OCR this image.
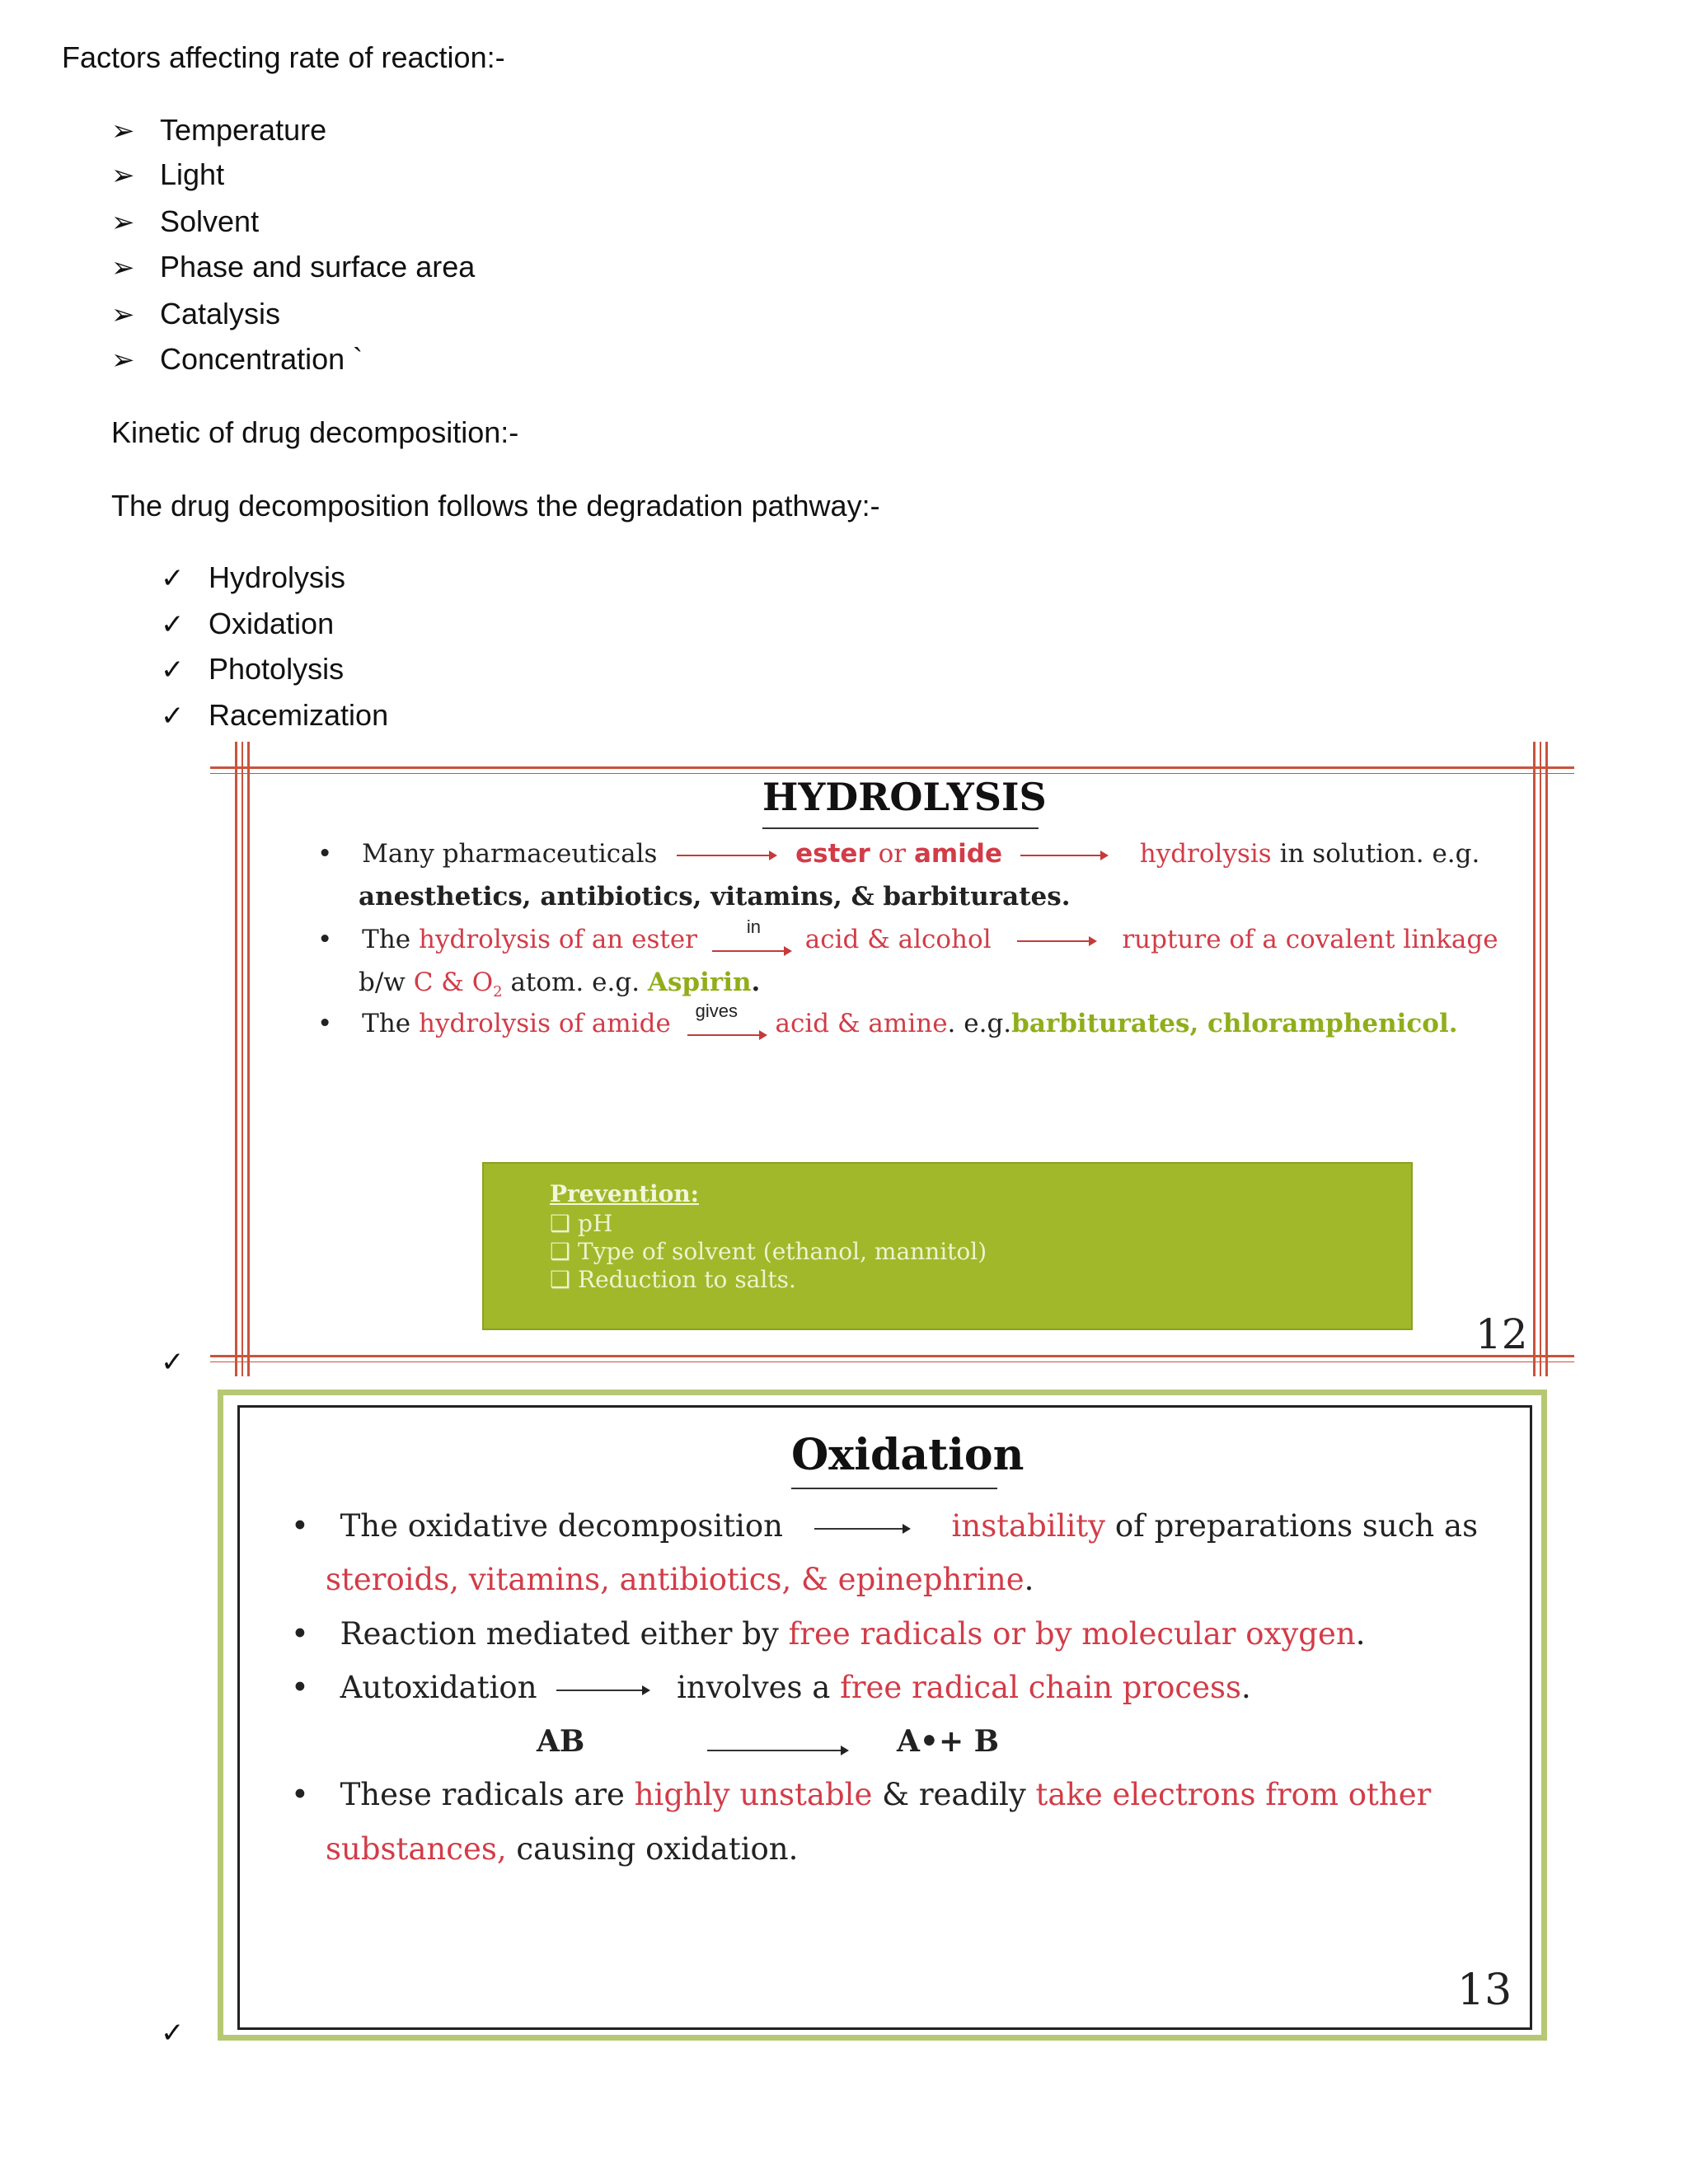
Factors affecting rate of reaction:-
➢ Temperature
➢ Light
➢ Solvent
➢ Phase and surface area
➢ Catalysis
➢ Concentration `
Kinetic of drug decomposition:-
The drug decomposition follows the degradation pathway:-
✓ Hydrolysis
✓ Oxidation
✓ Photolysis
✓ Racemization
HYDROLYSIS
• Many pharmaceuticals	ester or amide	hydrolysis in solution. e.g.
anesthetics, antibiotics, vitamins, & barbiturates.
• The hydrolysis of an ester	in acid & alcohol	rupture of a covalent linkage
b/w C & $O_2$ atom. e.g. Aspirin.
• The hydrolysis of amide gives acid & amine. e.g.barbiturates, chloramphenicol.
Prevention:
❑ pH
❑ Type of solvent (ethanol, mannitol)
❑ Reduction to salts.
12
✓
Oxidation
• The oxidative decomposition	instability of preparations such as
steroids, vitamins, antibiotics, & epinephrine.
• Reaction mediated either by free radicals or by molecular oxygen.
• Autoxidation	involves a free radical chain process.
AB	A•+ B
• These radicals are highly unstable & readily take electrons from other
substances, causing oxidation.
13
✓
